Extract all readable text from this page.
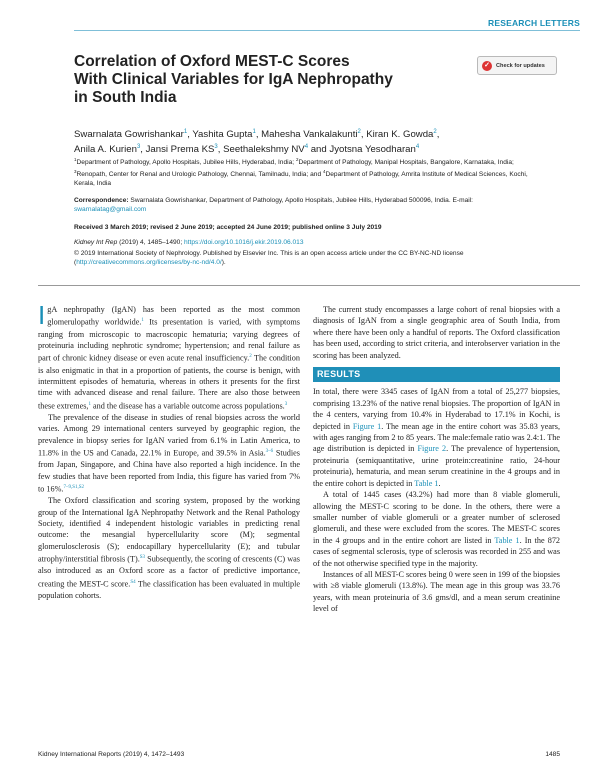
RESEARCH LETTERS
Correlation of Oxford MEST-C Scores
With Clinical Variables for IgA Nephropathy
in South India
✓	Check for updates
Swarnalata Gowrishankar$^1$, Yashita Gupta$^1$, Mahesha Vankalakunti$^2$, Kiran K. Gowda$^2$,
Anila A. Kurien$^3$, Jansi Prema $KS^3$, Seethalekshmy $NV^4$ and Jyotsna Yesodharan$^4$
$^1$Department of Pathology, Apollo Hospitals, Jubilee Hills, Hyderabad, India; $^2$Department of Pathology, Manipal Hospitals, Bangalore, Karnataka, India; $^3$Renopath, Center for Renal and Urologic Pathology, Chennai, Tamilnadu, India; and $^4$Department of Pathology, Amrita Institute of Medical Sciences, Kochi, Kerala, India
Correspondence: Swarnalata Gowrishankar, Department of Pathology, Apollo Hospitals, Jubilee Hills, Hyderabad 500096, India. E-mail: swarnalatag@gmail.com
Received 3 March 2019; revised 2 June 2019; accepted 24 June 2019; published online 3 July 2019
Kidney Int Rep (2019) 4, 1485–1490; https://doi.org/10.1016/j.ekir.2019.06.013
© 2019 International Society of Nephrology. Published by Elsevier Inc. This is an open access article under the CC BY-NC-ND license (http://creativecommons.org/licenses/by-nc-nd/4.0/).

IgA nephropathy (IgAN) has been reported as the most common glomerulopathy worldwide.$^1$ Its presentation is varied, with symptoms ranging from microscopic to macroscopic hematuria; varying degrees of proteinuria including nephrotic syndrome; hypertension; and renal failure as part of chronic kidney disease or even acute renal insufficiency.$^2$ The condition is also enigmatic in that in a proportion of patients, the course is benign, with intermittent episodes of hematuria, whereas in others it presents for the first time with advanced disease and renal failure. There are also those between these extremes,$^1$ and the disease has a variable outcome across populations.$^3$

The prevalence of the disease in studies of renal biopsies across the world varies. Among 29 international centers surveyed by geographic region, the prevalence in biopsy series for IgAN varied from 6.1% in Latin America, to 11.8% in the US and Canada, 22.1% in Europe, and 39.5% in Asia.$^{3-6}$ Studies from Japan, Singapore, and China have also reported a high incidence. In the few studies that have been reported from India, this figure has varied from 7% to 16%.$^{7-9,S1,S2}$

The Oxford classification and scoring system, proposed by the working group of the International IgA Nephropathy Network and the Renal Pathology Society, identified 4 independent histologic variables in predicting renal outcome: the mesangial hypercellularity score (M); segmental glomerulosclerosis (S); endocapillary hypercellularity (E); and tubular atrophy/interstitial fibrosis (T).$^{S3}$ Subsequently, the scoring of crescents (C) was also introduced as an Oxford score as a factor of predictive importance, creating the MEST-C score.$^{S4}$ The classification has been evaluated in multiple population cohorts.

The current study encompasses a large cohort of renal biopsies with a diagnosis of IgAN from a single geographic area of South India, from where there have been only a handful of reports. The Oxford classification has been used, according to strict criteria, and interobserver variation in the scoring has been analyzed.

RESULTS

In total, there were 3345 cases of IgAN from a total of 25,277 biopsies, comprising 13.23% of the native renal biopsies. The proportion of IgAN in the 4 centers, varying from 10.4% in Hyderabad to 17.1% in Kochi, is depicted in Figure 1. The mean age in the entire cohort was 35.83 years, with ages ranging from 2 to 85 years. The male:female ratio was 2.4:1. The age distribution is depicted in Figure 2. The prevalence of hypertension, proteinuria (semiquantitative, urine protein:creatinine ratio, 24-hour proteinuria), hematuria, and mean serum creatinine in the 4 groups and in the entire cohort is depicted in Table 1.

A total of 1445 cases (43.2%) had more than 8 viable glomeruli, allowing the MEST-C scoring to be done. In the others, there were a smaller number of viable glomeruli or a greater number of sclerosed glomeruli, and these were excluded from the scores. The MEST-C scores in the 4 groups and in the entire cohort are listed in Table 1. In the 872 cases of segmental sclerosis, type of sclerosis was recorded in 255 and was of the not otherwise specified type in the majority.

Instances of all MEST-C scores being 0 were seen in 199 of the biopsies with ≥8 viable glomeruli (13.8%). The mean age in this group was 33.76 years, with mean proteinuria of 3.6 gms/dl, and a mean serum creatinine level of

Kidney International Reports (2019) 4, 1472–1493	1485
